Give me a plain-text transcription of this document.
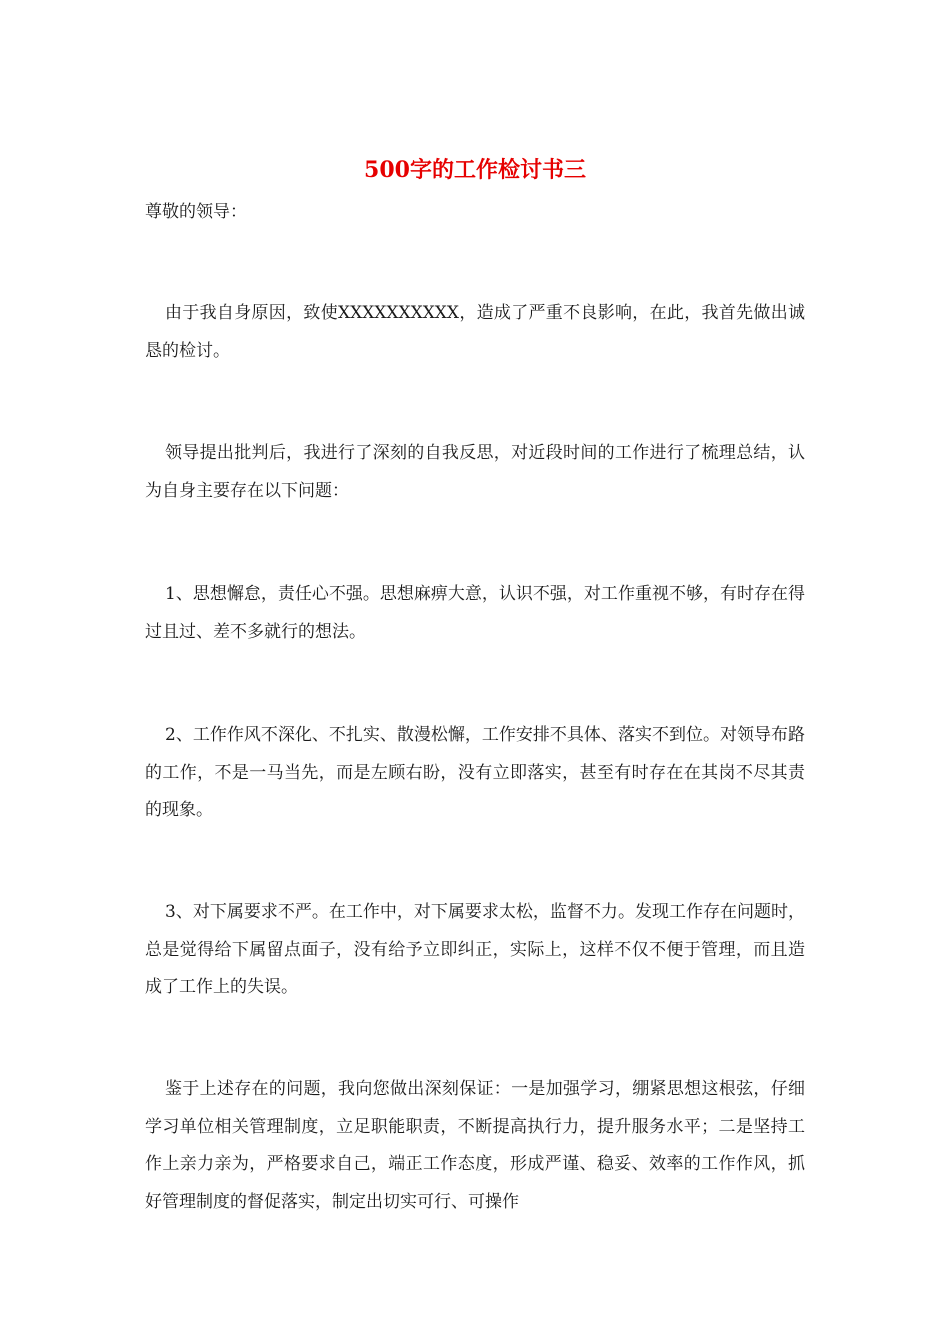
500字的工作检讨书三
尊敬的领导：

由于我自身原因，致使XXXXXXXXXX，造成了严重不良影响，在此，我首先做出诚恳的检讨。

领导提出批判后，我进行了深刻的自我反思，对近段时间的工作进行了梳理总结，认为自身主要存在以下问题：

1、思想懈怠，责任心不强。思想麻痹大意，认识不强，对工作重视不够，有时存在得过且过、差不多就行的想法。

2、工作作风不深化、不扎实、散漫松懈，工作安排不具体、落实不到位。对领导布路的工作，不是一马当先，而是左顾右盼，没有立即落实，甚至有时存在在其岗不尽其责的现象。

3、对下属要求不严。在工作中，对下属要求太松，监督不力。发现工作存在问题时，总是觉得给下属留点面子，没有给予立即纠正，实际上，这样不仅不便于管理，而且造成了工作上的失误。

鉴于上述存在的问题，我向您做出深刻保证：一是加强学习，绷紧思想这根弦，仔细学习单位相关管理制度，立足职能职责，不断提高执行力，提升服务水平；二是坚持工作上亲力亲为，严格要求自己，端正工作态度，形成严谨、稳妥、效率的工作作风，抓好管理制度的督促落实，制定出切实可行、可操作
